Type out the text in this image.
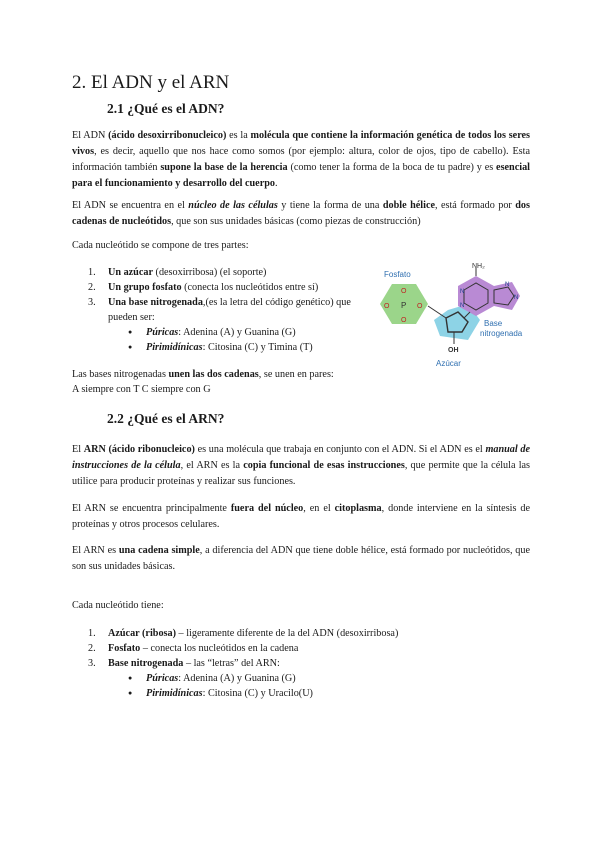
2. El ADN y el ARN
2.1 ¿Qué es el ADN?

El ADN (ácido desoxirribonucleico) es la molécula que contiene la información genética de todos los seres vivos, es decir, aquello que nos hace como somos (por ejemplo: altura, color de ojos, tipo de cabello). Esta información también supone la base de la herencia (como tener la forma de la boca de tu padre) y es esencial para el funcionamiento y desarrollo del cuerpo.

El ADN se encuentra en el núcleo de las células y tiene la forma de una doble hélice, está formado por dos cadenas de nucleótidos, que son sus unidades básicas (como piezas de construcción)

Cada nucleótido se compone de tres partes:

1. Un azúcar (desoxirribosa) (el soporte)
2. Un grupo fosfato (conecta los nucleótidos entre sí)
3. Una base nitrogenada,(es la letra del código genético) que pueden ser:
● Púricas: Adenina (A) y Guanina (G)
● Pirimidínicas: Citosina (C) y Timina (T)
Fosfato
P
O
O
O	O
OH
Azúcar
NH₂
N
N
N
N
Base
nitrogenada

Las bases nitrogenadas unen las dos cadenas, se unen en pares:

A siempre con T C siempre con G

2.2 ¿Qué es el ARN?

El ARN (ácido ribonucleico) es una molécula que trabaja en conjunto con el ADN. Si el ADN es el manual de instrucciones de la célula, el ARN es la copia funcional de esas instrucciones, que permite que la célula las utilice para producir proteínas y realizar sus funciones.

El ARN se encuentra principalmente fuera del núcleo, en el citoplasma, donde interviene en la síntesis de proteínas y otros procesos celulares.

El ARN es una cadena simple, a diferencia del ADN que tiene doble hélice, está formado por nucleótidos, que son sus unidades básicas.

Cada nucleótido tiene:

1. Azúcar (ribosa) – ligeramente diferente de la del ADN (desoxirribosa)
2. Fosfato – conecta los nucleótidos en la cadena
3. Base nitrogenada – las “letras” del ARN:
● Púricas: Adenina (A) y Guanina (G)
● Pirimidínicas: Citosina (C) y Uracilo(U)
